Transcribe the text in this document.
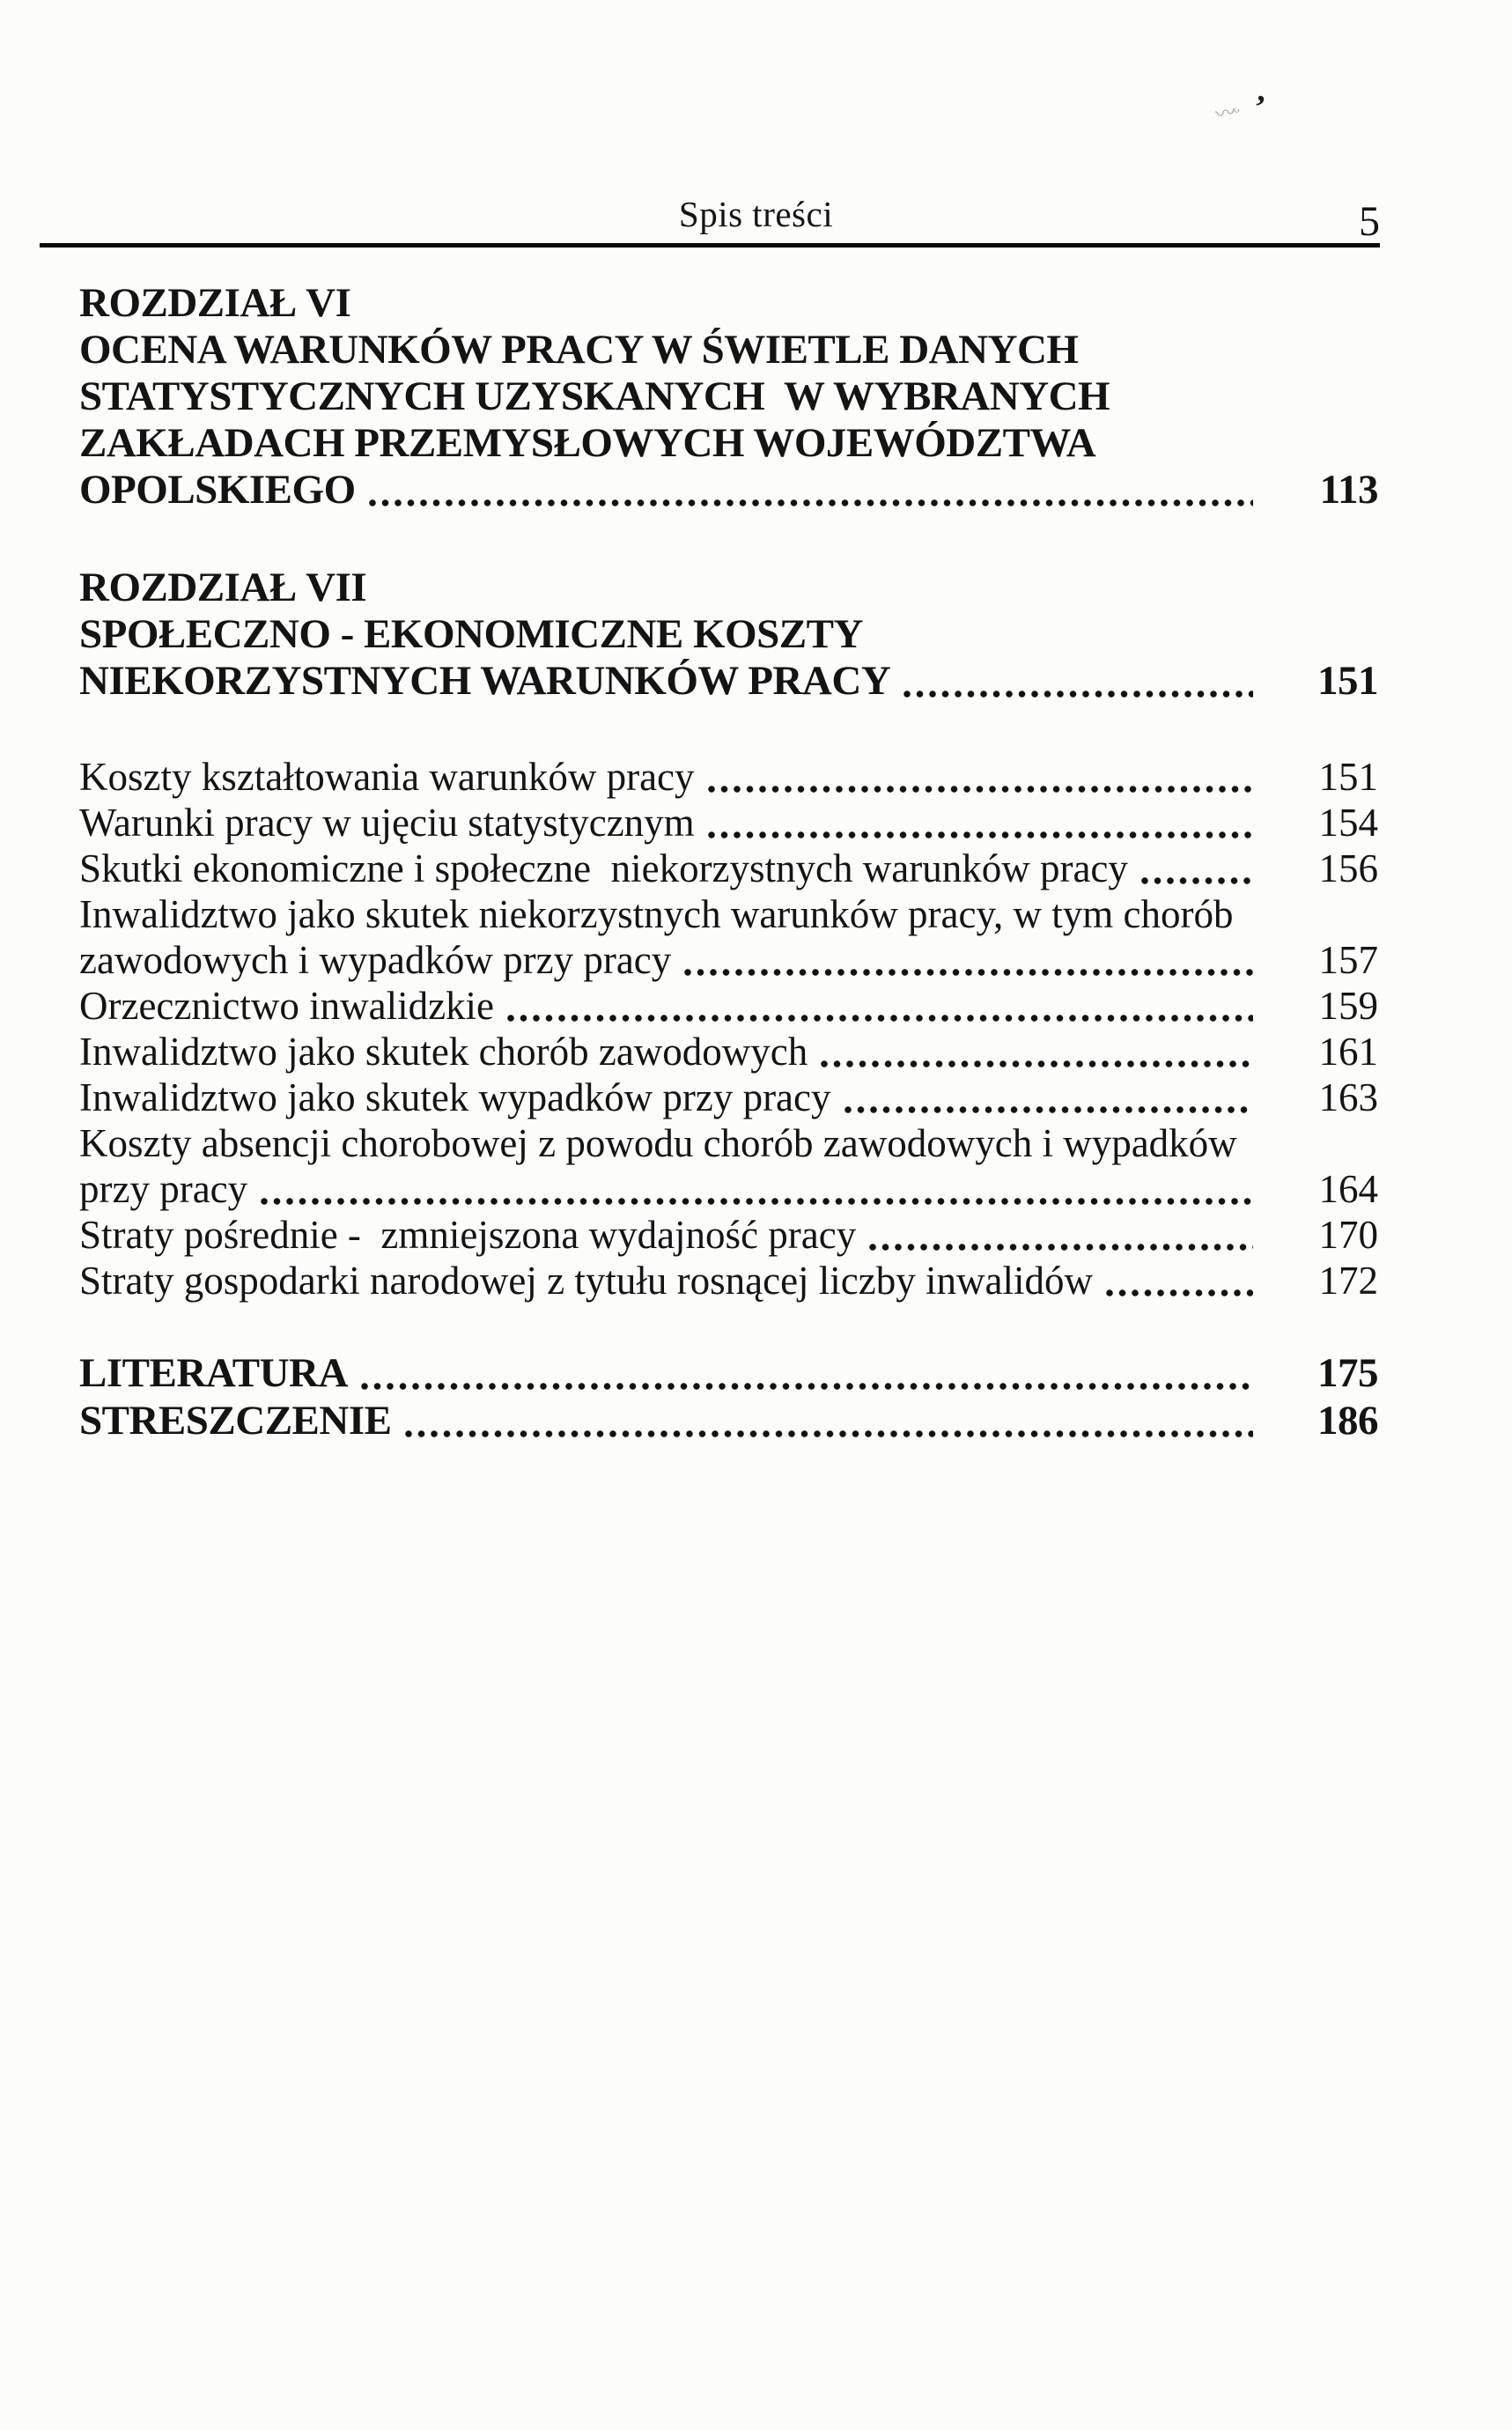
〰ᵕ ʼ
Spis treści	5
ROZDZIAŁ VI
OCENA WARUNKÓW PRACY W ŚWIETLE DANYCH
STATYSTYCZNYCH UZYSKANYCH  W WYBRANYCH
ZAKŁADACH PRZEMYSŁOWYCH WOJEWÓDZTWA
OPOLSKIEGO	113
ROZDZIAŁ VII
SPOŁECZNO - EKONOMICZNE KOSZTY
NIEKORZYSTNYCH WARUNKÓW PRACY	151
Koszty kształtowania warunków pracy	151
Warunki pracy w ujęciu statystycznym	154
Skutki ekonomiczne i społeczne  niekorzystnych warunków pracy	156
Inwalidztwo jako skutek niekorzystnych warunków pracy, w tym chorób
zawodowych i wypadków przy pracy	157
Orzecznictwo inwalidzkie	159
Inwalidztwo jako skutek chorób zawodowych	161
Inwalidztwo jako skutek wypadków przy pracy	163
Koszty absencji chorobowej z powodu chorób zawodowych i wypadków
przy pracy	164
Straty pośrednie -  zmniejszona wydajność pracy	170
Straty gospodarki narodowej z tytułu rosnącej liczby inwalidów	172
LITERATURA	175
STRESZCZENIE	186
